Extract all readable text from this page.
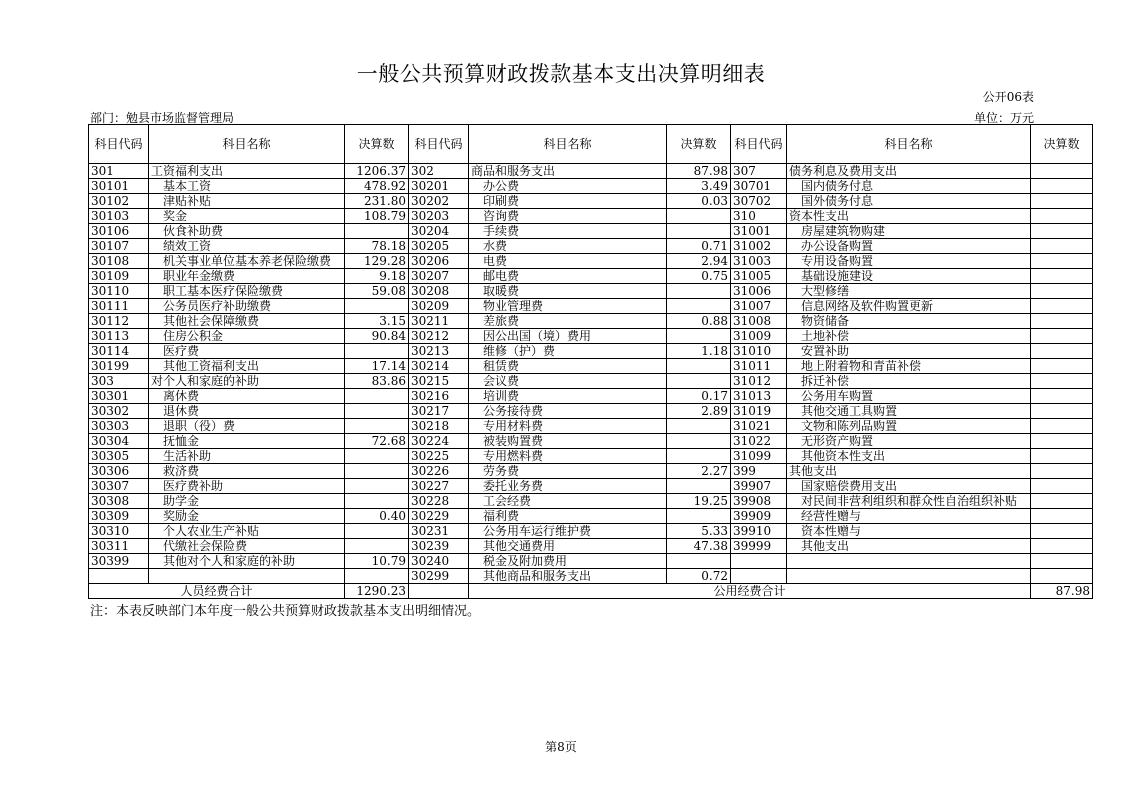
一般公共预算财政拨款基本支出决算明细表
公开06表
部门：勉县市场监督管理局	单位：万元
科目代码	科目名称	决算数	科目代码	科目名称	决算数	科目代码	科目名称	决算数
301	工资福利支出	1206.37	302	商品和服务支出	87.98	307	债务利息及费用支出	
30101	基本工资	478.92	30201	办公费	3.49	30701	国内债务付息	
30102	津贴补贴	231.80	30202	印刷费	0.03	30702	国外债务付息	
30103	奖金	108.79	30203	咨询费		310	资本性支出	
30106	伙食补助费		30204	手续费		31001	房屋建筑物购建	
30107	绩效工资	78.18	30205	水费	0.71	31002	办公设备购置	
30108	机关事业单位基本养老保险缴费	129.28	30206	电费	2.94	31003	专用设备购置	
30109	职业年金缴费	9.18	30207	邮电费	0.75	31005	基础设施建设	
30110	职工基本医疗保险缴费	59.08	30208	取暖费		31006	大型修缮	
30111	公务员医疗补助缴费		30209	物业管理费		31007	信息网络及软件购置更新	
30112	其他社会保障缴费	3.15	30211	差旅费	0.88	31008	物资储备	
30113	住房公积金	90.84	30212	因公出国（境）费用		31009	土地补偿	
30114	医疗费		30213	维修（护）费	1.18	31010	安置补助	
30199	其他工资福利支出	17.14	30214	租赁费		31011	地上附着物和青苗补偿	
303	对个人和家庭的补助	83.86	30215	会议费		31012	拆迁补偿	
30301	离休费		30216	培训费	0.17	31013	公务用车购置	
30302	退休费		30217	公务接待费	2.89	31019	其他交通工具购置	
30303	退职（役）费		30218	专用材料费		31021	文物和陈列品购置	
30304	抚恤金	72.68	30224	被装购置费		31022	无形资产购置	
30305	生活补助		30225	专用燃料费		31099	其他资本性支出	
30306	救济费		30226	劳务费	2.27	399	其他支出	
30307	医疗费补助		30227	委托业务费		39907	国家赔偿费用支出	
30308	助学金		30228	工会经费	19.25	39908	对民间非营利组织和群众性自治组织补贴	
30309	奖励金	0.40	30229	福利费		39909	经营性赠与	
30310	个人农业生产补贴		30231	公务用车运行维护费	5.33	39910	资本性赠与	
30311	代缴社会保险费		30239	其他交通费用	47.38	39999	其他支出	
30399	其他对个人和家庭的补助	10.79	30240	税金及附加费用				
			30299	其他商品和服务支出	0.72			
人员经费合计		1290.23		公用经费合计				87.98
注：本表反映部门本年度一般公共预算财政拨款基本支出明细情况。
第8页
